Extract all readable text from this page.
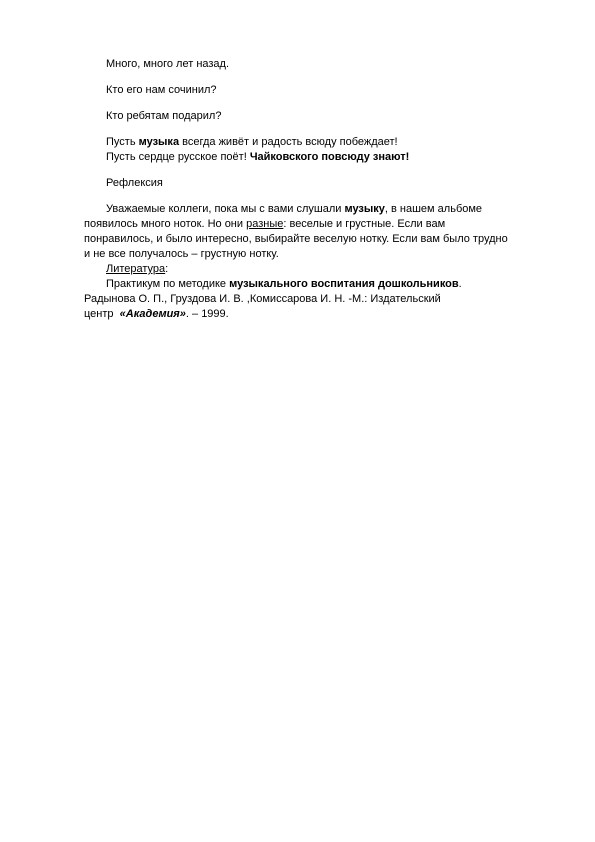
Много, много лет назад.
Кто его нам сочинил?
Кто ребятам подарил?
Пусть музыка всегда живёт и радость всюду побеждает!
Пусть сердце русское поёт! Чайковского повсюду знают!
Рефлексия
Уважаемые коллеги, пока мы с вами слушали музыку, в нашем альбоме
появилось много ноток. Но они разные: веселые и грустные. Если вам
понравилось, и было интересно, выбирайте веселую нотку. Если вам было трудно
и не все получалось – грустную нотку.
Литература:
Практикум по методике музыкального воспитания дошкольников.
Радынова О. П., Груздова И. В. ,Комиссарова И. Н. -М.: Издательский
центр  «Академия». – 1999.
